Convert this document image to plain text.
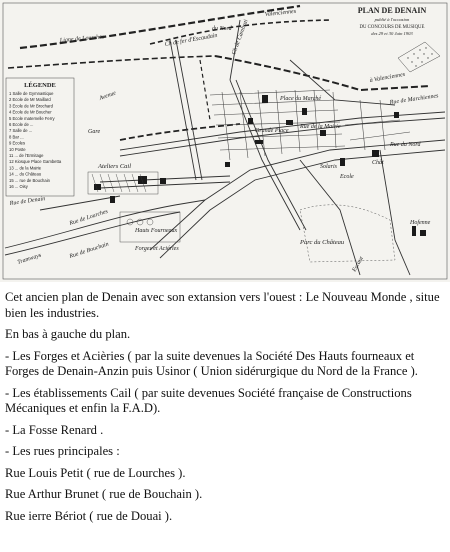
PLAN DE DENAIN
publié à l'occasion
DU CONCOURS DE MUSIQUE
des 29 et 30 Juin 1903
LÉGENDE
1 Salle de Gymnastique
2 Ecole de Mr Maillard
3 Ecole de Mr Brochard
4 Ecole de Mr Boucher
5 Ecole maternelle Ferry
6 Ecole de ...
7 Salle de ...
8 Bar ...
9 Ecoles
10 Poste
11 ... de l'Ermitage
12 Kiosque Place Gambetta
13 ... de la Mairie
14 ... du Château
15 ... rue de Bouchain
16 ... Oisy
Valenciennes
Ligne de Lourches	Ch de fer d'Escaudain
du Nord
Avenue
Ch de Cambrai
à Valenciennes
Place du Marché
Rue de la Mairie
Grande Place
Rue de Marchiennes
Rue du Nord
Gare
Ateliers Cail
Rue de Denain
Parc du Château
Hauts Fourneaux
Forges et Aciéries
Rue de Lourches
Tramways	Rue de Bouchain
Escaut
Chât
Solaris
Ecole
Hofenne

Cet ancien plan de Denain avec son extansion vers l'ouest : Le Nouveau Monde , situe bien les industries.

En bas à gauche du plan.

- Les Forges et Acièries ( par la suite devenues la Société Des Hauts fourneaux et Forges de Denain-Anzin puis Usinor ( Union sidérurgique du Nord de la France ).

- Les établissements Cail ( par suite devenues Société française de Constructions Mécaniques et enfin la F.A.D).

- La Fosse Renard .

- Les rues principales :

Rue Louis Petit ( rue de Lourches ).

Rue Arthur Brunet ( rue de Bouchain ).

Rue ierre Bériot ( rue de Douai ).
